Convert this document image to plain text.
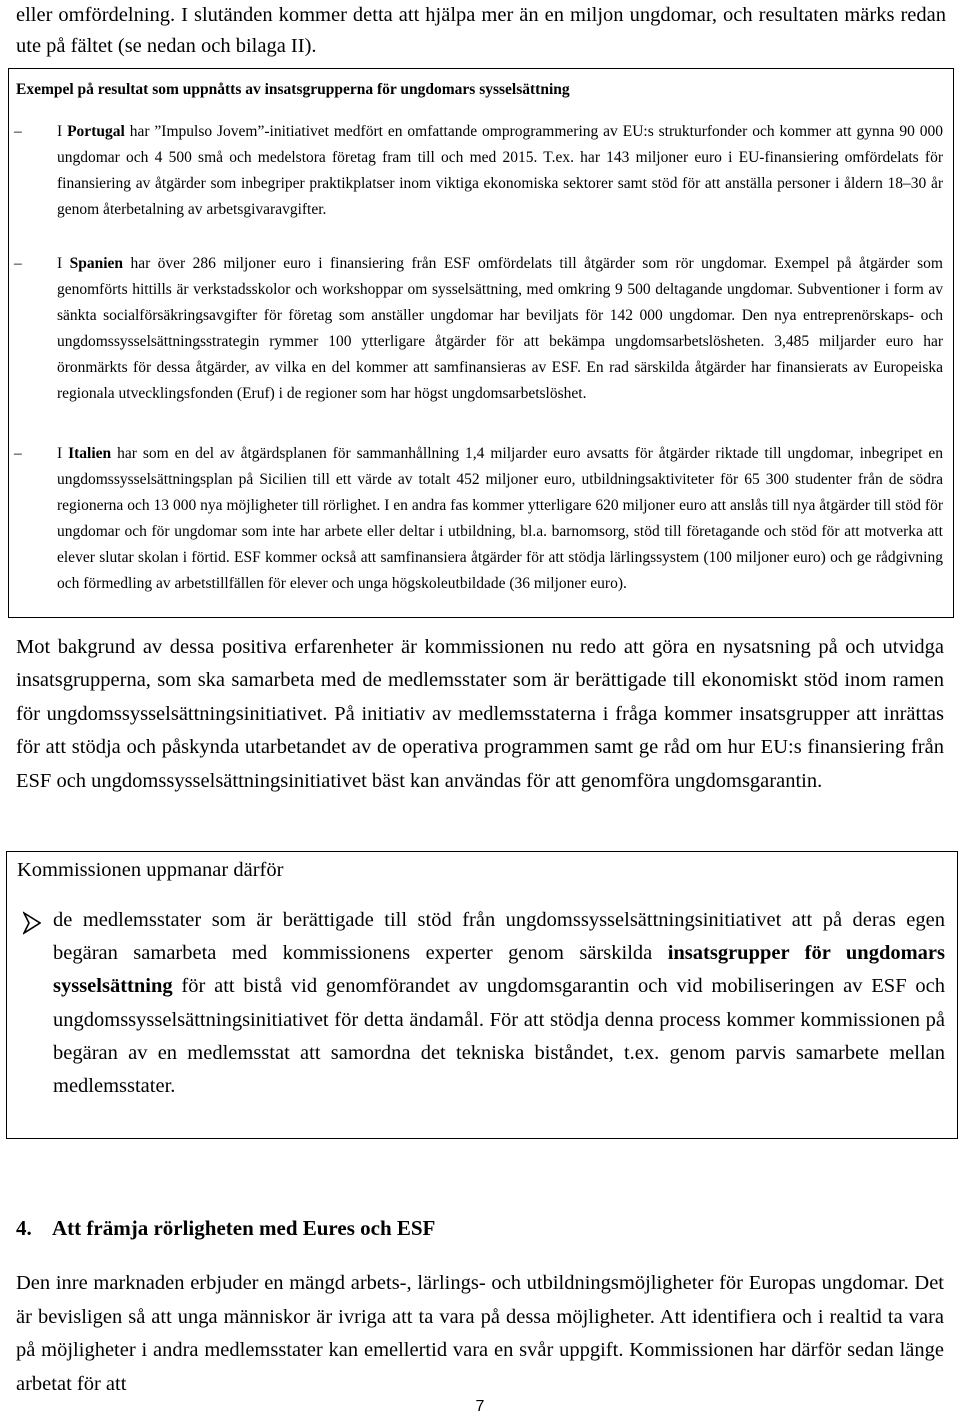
eller omfördelning. I slutänden kommer detta att hjälpa mer än en miljon ungdomar, och resultaten märks redan ute på fältet (se nedan och bilaga II).

Exempel på resultat som uppnåtts av insatsgrupperna för ungdomars sysselsättning

– I Portugal har ”Impulso Jovem”-initiativet medfört en omfattande omprogrammering av EU:s strukturfonder och kommer att gynna 90 000 ungdomar och 4 500 små och medelstora företag fram till och med 2015. T.ex. har 143 miljoner euro i EU-finansiering omfördelats för finansiering av åtgärder som inbegriper praktikplatser inom viktiga ekonomiska sektorer samt stöd för att anställa personer i åldern 18–30 år genom återbetalning av arbetsgivaravgifter.

– I Spanien har över 286 miljoner euro i finansiering från ESF omfördelats till åtgärder som rör ungdomar. Exempel på åtgärder som genomförts hittills är verkstadsskolor och workshoppar om sysselsättning, med omkring 9 500 deltagande ungdomar. Subventioner i form av sänkta socialförsäkringsavgifter för företag som anställer ungdomar har beviljats för 142 000 ungdomar. Den nya entreprenörskaps- och ungdomssysselsättningsstrategin rymmer 100 ytterligare åtgärder för att bekämpa ungdomsarbetslösheten. 3,485 miljarder euro har öronmärkts för dessa åtgärder, av vilka en del kommer att samfinansieras av ESF. En rad särskilda åtgärder har finansierats av Europeiska regionala utvecklingsfonden (Eruf) i de regioner som har högst ungdomsarbetslöshet.

– I Italien har som en del av åtgärdsplanen för sammanhållning 1,4 miljarder euro avsatts för åtgärder riktade till ungdomar, inbegripet en ungdomssysselsättningsplan på Sicilien till ett värde av totalt 452 miljoner euro, utbildningsaktiviteter för 65 300 studenter från de södra regionerna och 13 000 nya möjligheter till rörlighet. I en andra fas kommer ytterligare 620 miljoner euro att anslås till nya åtgärder till stöd för ungdomar och för ungdomar som inte har arbete eller deltar i utbildning, bl.a. barnomsorg, stöd till företagande och stöd för att motverka att elever slutar skolan i förtid. ESF kommer också att samfinansiera åtgärder för att stödja lärlingssystem (100 miljoner euro) och ge rådgivning och förmedling av arbetstillfällen för elever och unga högskoleutbildade (36 miljoner euro).

Mot bakgrund av dessa positiva erfarenheter är kommissionen nu redo att göra en nysatsning på och utvidga insatsgrupperna, som ska samarbeta med de medlemsstater som är berättigade till ekonomiskt stöd inom ramen för ungdomssysselsättningsinitiativet. På initiativ av medlemsstaterna i fråga kommer insatsgrupper att inrättas för att stödja och påskynda utarbetandet av de operativa programmen samt ge råd om hur EU:s finansiering från ESF och ungdomssysselsättningsinitiativet bäst kan användas för att genomföra ungdomsgarantin.

Kommissionen uppmanar därför

de medlemsstater som är berättigade till stöd från ungdomssysselsättningsinitiativet att på deras egen begäran samarbeta med kommissionens experter genom särskilda insatsgrupper för ungdomars sysselsättning för att bistå vid genomförandet av ungdomsgarantin och vid mobiliseringen av ESF och ungdomssysselsättningsinitiativet för detta ändamål. För att stödja denna process kommer kommissionen på begäran av en medlemsstat att samordna det tekniska biståndet, t.ex. genom parvis samarbete mellan medlemsstater.

4. Att främja rörligheten med Eures och ESF

Den inre marknaden erbjuder en mängd arbets-, lärlings- och utbildningsmöjligheter för Europas ungdomar. Det är bevisligen så att unga människor är ivriga att ta vara på dessa möjligheter. Att identifiera och i realtid ta vara på möjligheter i andra medlemsstater kan emellertid vara en svår uppgift. Kommissionen har därför sedan länge arbetat för att

7
